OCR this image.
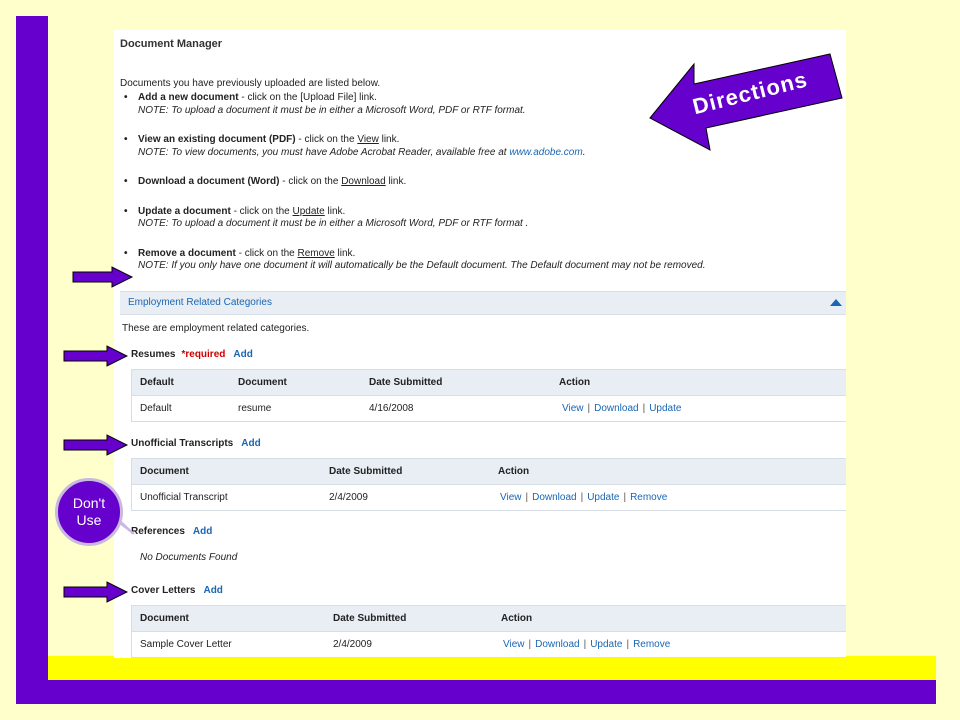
Document Manager
Documents you have previously uploaded are listed below.
• Add a new document - click on the [Upload File] link.
NOTE: To upload a document it must be in either a Microsoft Word, PDF or RTF format.
• View an existing document (PDF) - click on the View link.
NOTE: To view documents, you must have Adobe Acrobat Reader, available free at www.adobe.com.
• Download a document (Word) - click on the Download link.
• Update a document - click on the Update link.
NOTE: To upload a document it must be in either a Microsoft Word, PDF or RTF format .
• Remove a document - click on the Remove link.
NOTE: If you only have one document it will automatically be the Default document. The Default document may not be removed.
Employment Related Categories
These are employment related categories.
Resumes *required Add
Default	Document	Date Submitted	Action
Default	resume	4/16/2008	View | Download | Update
Unofficial Transcripts Add
Document	Date Submitted	Action
Unofficial Transcript	2/4/2009	View | Download | Update | Remove
References Add
No Documents Found
Cover Letters Add
Document	Date Submitted	Action
Sample Cover Letter	2/4/2009	View | Download | Update | Remove
Don't
Use
Directions
